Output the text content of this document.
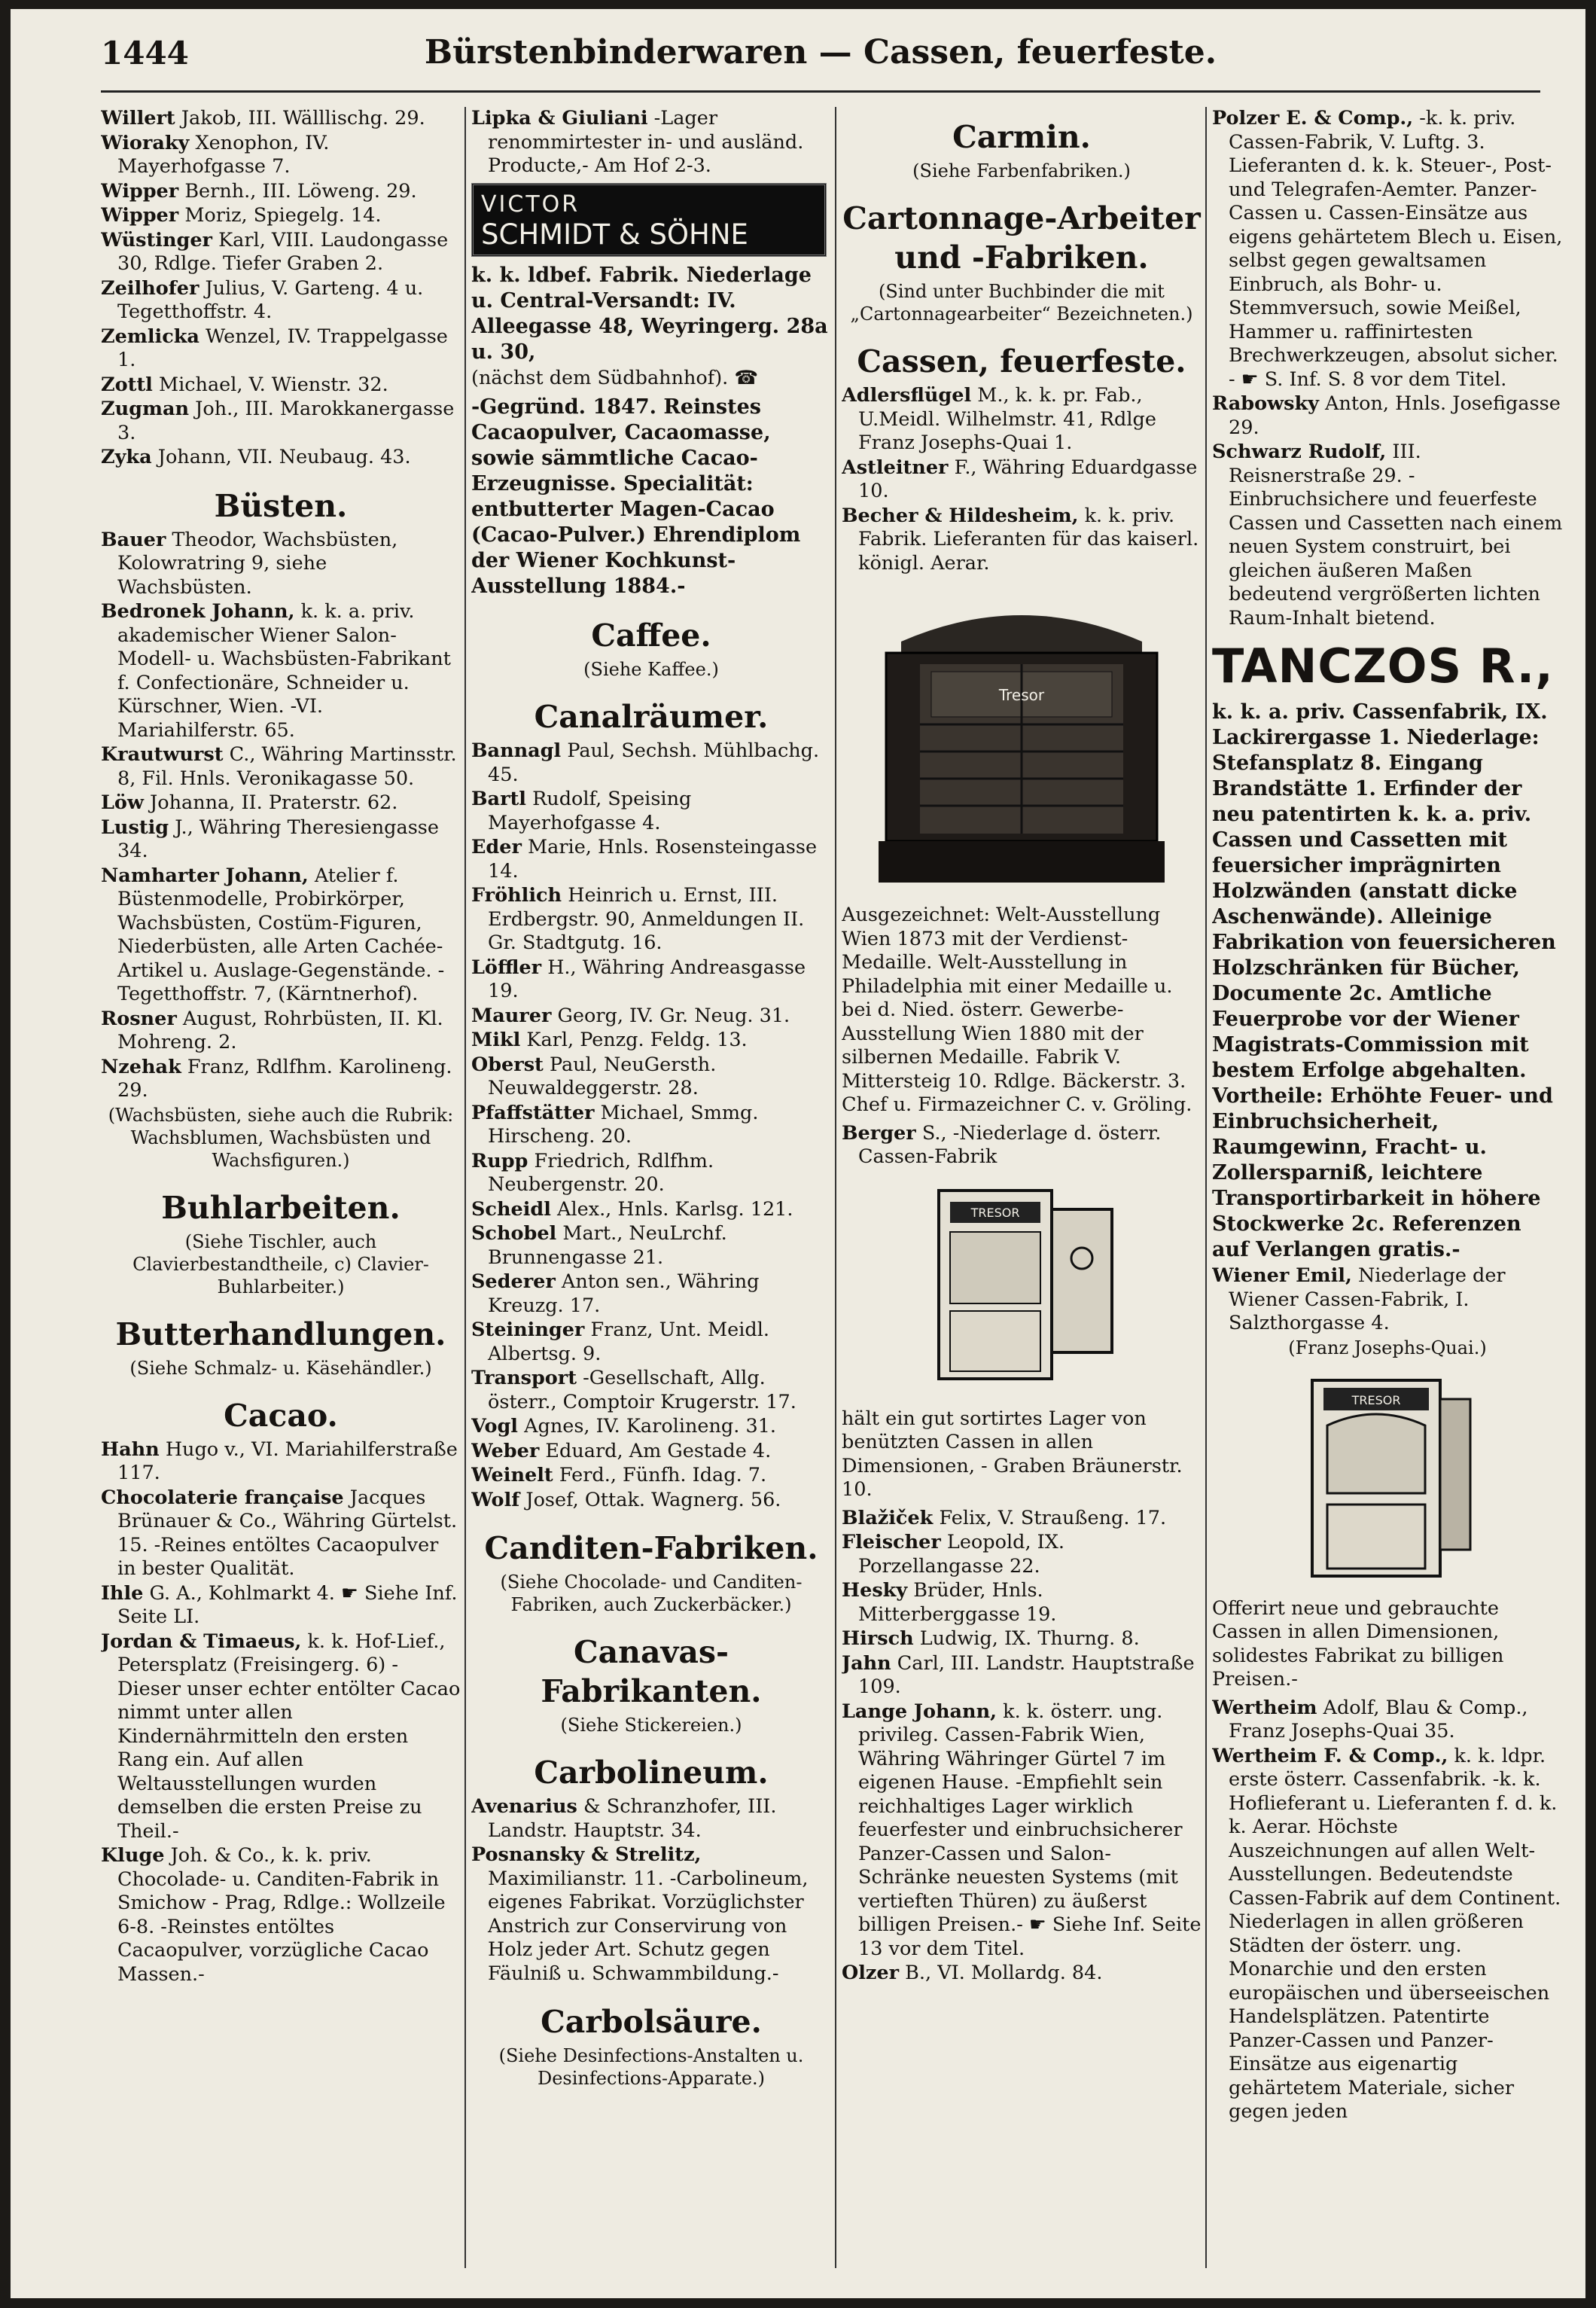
1444	Bürstenbinderwaren — Cassen, feuerfeste.

Willert Jakob, III. Wälllischg. 29.

Wioraky Xenophon, IV. Mayerhofgasse 7.

Wipper Bernh., III. Löweng. 29.

Wipper Moriz, Spiegelg. 14.

Wüstinger Karl, VIII. Laudongasse 30, Rdlge. Tiefer Graben 2.

Zeilhofer Julius, V. Garteng. 4 u. Tegetthoffstr. 4.

Zemlicka Wenzel, IV. Trappelgasse 1.

Zottl Michael, V. Wienstr. 32.

Zugman Joh., III. Marokkanergasse 3.

Zyka Johann, VII. Neubaug. 43.

Büsten.

Bauer Theodor, Wachsbüsten, Kolowratring 9, siehe Wachsbüsten.

Bedronek Johann, k. k. a. priv. akademischer Wiener Salon-Modell- u. Wachsbüsten-Fabrikant f. Confectionäre, Schneider u. Kürschner, Wien. -VI. Mariahilferstr. 65.

Krautwurst C., Währing Martinsstr. 8, Fil. Hnls. Veronikagasse 50.

Löw Johanna, II. Praterstr. 62.

Lustig J., Währing Theresiengasse 34.

Namharter Johann, Atelier f. Büstenmodelle, Probirkörper, Wachsbüsten, Costüm-Figuren, Niederbüsten, alle Arten Cachée-Artikel u. Auslage-Gegenstände. - Tegetthoffstr. 7, (Kärntnerhof).

Rosner August, Rohrbüsten, II. Kl. Mohreng. 2.

Nzehak Franz, Rdlfhm. Karolineng. 29.

(Wachsbüsten, siehe auch die Rubrik: Wachsblumen, Wachsbüsten und Wachsfiguren.)

Buhlarbeiten.

(Siehe Tischler, auch Clavierbestandtheile, c) Clavier-Buhlarbeiter.)

Butterhandlungen.

(Siehe Schmalz- u. Käsehändler.)

Cacao.

Hahn Hugo v., VI. Mariahilferstraße 117.

Chocolaterie française Jacques Brünauer & Co., Währing Gürtelst. 15. -Reines entöltes Cacaopulver in bester Qualität.

Ihle G. A., Kohlmarkt 4. ☛ Siehe Inf. Seite LI.

Jordan & Timaeus, k. k. Hof-Lief., Petersplatz (Freisingerg. 6) -Dieser unser echter entölter Cacao nimmt unter allen Kindernährmitteln den ersten Rang ein. Auf allen Weltausstellungen wurden demselben die ersten Preise zu Theil.-

Kluge Joh. & Co., k. k. priv. Chocolade- u. Canditen-Fabrik in Smichow - Prag, Rdlge.: Wollzeile 6-8. -Reinstes entöltes Cacaopulver, vorzügliche Cacao Massen.-

Lipka & Giuliani -Lager renommirtester in- und ausländ. Producte,- Am Hof 2-3.

VICTOR
SCHMIDT & SÖHNE

k. k. ldbef. Fabrik. Niederlage u. Central-Versandt: IV. Alleegasse 48, Weyringerg. 28a u. 30,

(nächst dem Südbahnhof). ☎

-Gegründ. 1847. Reinstes Cacaopulver, Cacaomasse, sowie sämmtliche Cacao-Erzeugnisse. Specialität: entbutterter Magen-Cacao (Cacao-Pulver.) Ehrendiplom der Wiener Kochkunst-Ausstellung 1884.-

Caffee.

(Siehe Kaffee.)

Canalräumer.

Bannagl Paul, Sechsh. Mühlbachg. 45.

Bartl Rudolf, Speising Mayerhofgasse 4.

Eder Marie, Hnls. Rosensteingasse 14.

Fröhlich Heinrich u. Ernst, III. Erdbergstr. 90, Anmeldungen II. Gr. Stadtgutg. 16.

Löffler H., Währing Andreasgasse 19.

Maurer Georg, IV. Gr. Neug. 31.

Mikl Karl, Penzg. Feldg. 13.

Oberst Paul, NeuGersth. Neuwaldeggerstr. 28.

Pfaffstätter Michael, Smmg. Hirscheng. 20.

Rupp Friedrich, Rdlfhm. Neubergenstr. 20.

Scheidl Alex., Hnls. Karlsg. 121.

Schobel Mart., NeuLrchf. Brunnengasse 21.

Sederer Anton sen., Währing Kreuzg. 17.

Steininger Franz, Unt. Meidl. Albertsg. 9.

Transport -Gesellschaft, Allg. österr., Comptoir Krugerstr. 17.

Vogl Agnes, IV. Karolineng. 31.

Weber Eduard, Am Gestade 4.

Weinelt Ferd., Fünfh. Idag. 7.

Wolf Josef, Ottak. Wagnerg. 56.

Canditen-Fabriken.

(Siehe Chocolade- und Canditen-Fabriken, auch Zuckerbäcker.)

Canavas-Fabrikanten.

(Siehe Stickereien.)

Carbolineum.

Avenarius & Schranzhofer, III. Landstr. Hauptstr. 34.

Posnansky & Strelitz, Maximilianstr. 11. -Carbolineum, eigenes Fabrikat. Vorzüglichster Anstrich zur Conservirung von Holz jeder Art. Schutz gegen Fäulniß u. Schwammbildung.-

Carbolsäure.

(Siehe Desinfections-Anstalten u. Desinfections-Apparate.)

Carmin.

(Siehe Farbenfabriken.)

Cartonnage-Arbeiter und -Fabriken.

(Sind unter Buchbinder die mit „Cartonnagearbeiter“ Bezeichneten.)

Cassen, feuerfeste.

Adlersflügel M., k. k. pr. Fab., U.Meidl. Wilhelmstr. 41, Rdlge Franz Josephs-Quai 1.

Astleitner F., Währing Eduardgasse 10.

Becher & Hildesheim, k. k. priv. Fabrik. Lieferanten für das kaiserl. königl. Aerar.

Tresor

Ausgezeichnet: Welt-Ausstellung Wien 1873 mit der Verdienst-Medaille. Welt-Ausstellung in Philadelphia mit einer Medaille u. bei d. Nied. österr. Gewerbe-Ausstellung Wien 1880 mit der silbernen Medaille. Fabrik V. Mittersteig 10. Rdlge. Bäckerstr. 3. Chef u. Firmazeichner C. v. Gröling.

Berger S., -Niederlage d. österr. Cassen-Fabrik

TRESOR

hält ein gut sortirtes Lager von benützten Cassen in allen Dimensionen, - Graben Bräunerstr. 10.

Blažiček Felix, V. Straußeng. 17.

Fleischer Leopold, IX. Porzellangasse 22.

Hesky Brüder, Hnls. Mitterberggasse 19.

Hirsch Ludwig, IX. Thurng. 8.

Jahn Carl, III. Landstr. Hauptstraße 109.

Lange Johann, k. k. österr. ung. privileg. Cassen-Fabrik Wien, Währing Währinger Gürtel 7 im eigenen Hause. -Empfiehlt sein reichhaltiges Lager wirklich feuerfester und einbruchsicherer Panzer-Cassen und Salon-Schränke neuesten Systems (mit vertieften Thüren) zu äußerst billigen Preisen.- ☛ Siehe Inf. Seite 13 vor dem Titel.

Olzer B., VI. Mollardg. 84.

Polzer E. & Comp., -k. k. priv. Cassen-Fabrik, V. Luftg. 3. Lieferanten d. k. k. Steuer-, Post- und Telegrafen-Aemter. Panzer-Cassen u. Cassen-Einsätze aus eigens gehärtetem Blech u. Eisen, selbst gegen gewaltsamen Einbruch, als Bohr- u. Stemmversuch, sowie Meißel, Hammer u. raffinirtesten Brechwerkzeugen, absolut sicher. - ☛ S. Inf. S. 8 vor dem Titel.

Rabowsky Anton, Hnls. Josefigasse 29.

Schwarz Rudolf, III. Reisnerstraße 29. -Einbruchsichere und feuerfeste Cassen und Cassetten nach einem neuen System construirt, bei gleichen äußeren Maßen bedeutend vergrößerten lichten Raum-Inhalt bietend.

TANCZOS R.,

k. k. a. priv. Cassenfabrik, IX. Lackirergasse 1. Niederlage: Stefansplatz 8. Eingang Brandstätte 1. Erfinder der neu patentirten k. k. a. priv. Cassen und Cassetten mit feuersicher imprägnirten Holzwänden (anstatt dicke Aschenwände). Alleinige Fabrikation von feuersicheren Holzschränken für Bücher, Documente 2c. Amtliche Feuerprobe vor der Wiener Magistrats-Commission mit bestem Erfolge abgehalten. Vortheile: Erhöhte Feuer- und Einbruchsicherheit, Raumgewinn, Fracht- u. Zollersparniß, leichtere Transportirbarkeit in höhere Stockwerke 2c. Referenzen auf Verlangen gratis.-

Wiener Emil, Niederlage der Wiener Cassen-Fabrik, I. Salzthorgasse 4.

(Franz Josephs-Quai.)

TRESOR

Offerirt neue und gebrauchte Cassen in allen Dimensionen, solidestes Fabrikat zu billigen Preisen.-

Wertheim Adolf, Blau & Comp., Franz Josephs-Quai 35.

Wertheim F. & Comp., k. k. ldpr. erste österr. Cassenfabrik. -k. k. Hoflieferant u. Lieferanten f. d. k. k. Aerar. Höchste Auszeichnungen auf allen Welt-Ausstellungen. Bedeutendste Cassen-Fabrik auf dem Continent. Niederlagen in allen größeren Städten der österr. ung. Monarchie und den ersten europäischen und überseeischen Handelsplätzen. Patentirte Panzer-Cassen und Panzer-Einsätze aus eigenartig gehärtetem Materiale, sicher gegen jeden
